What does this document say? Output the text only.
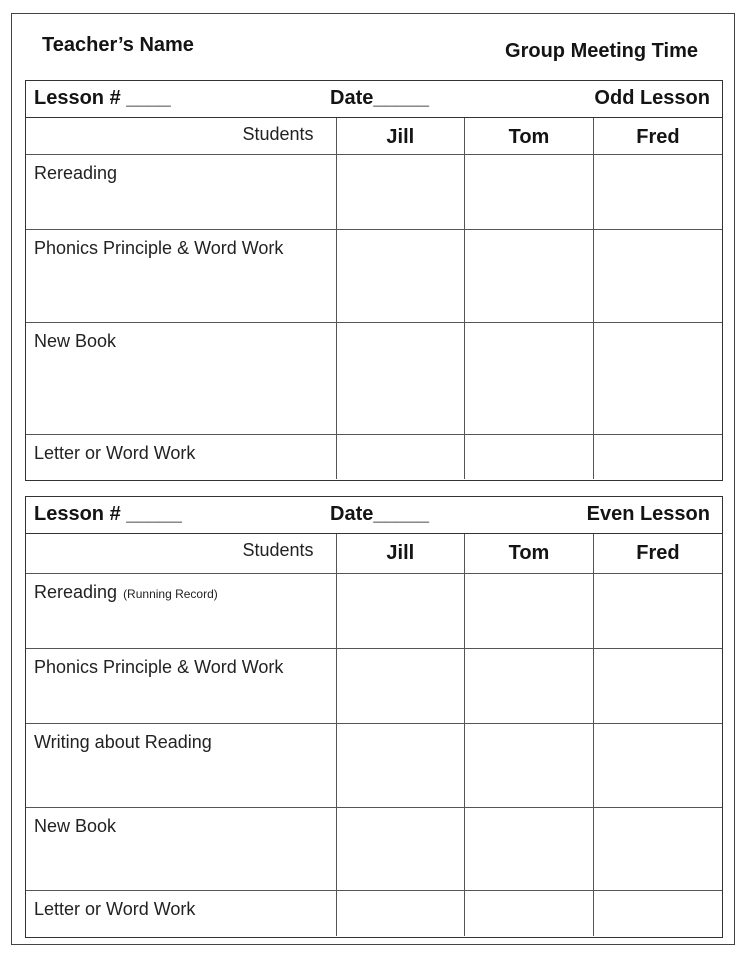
Teacher’s Name	Group Meeting Time
Lesson # ____	Date_____	Odd Lesson
Students	Jill	Tom	Fred
Rereading			
Phonics Principle & Word Work			
New Book			
Letter or Word Work			
Lesson # _____	Date_____	Even Lesson
Students	Jill	Tom	Fred
Rereading (Running Record)			
Phonics Principle & Word Work			
Writing about Reading			
New Book			
Letter or Word Work			
